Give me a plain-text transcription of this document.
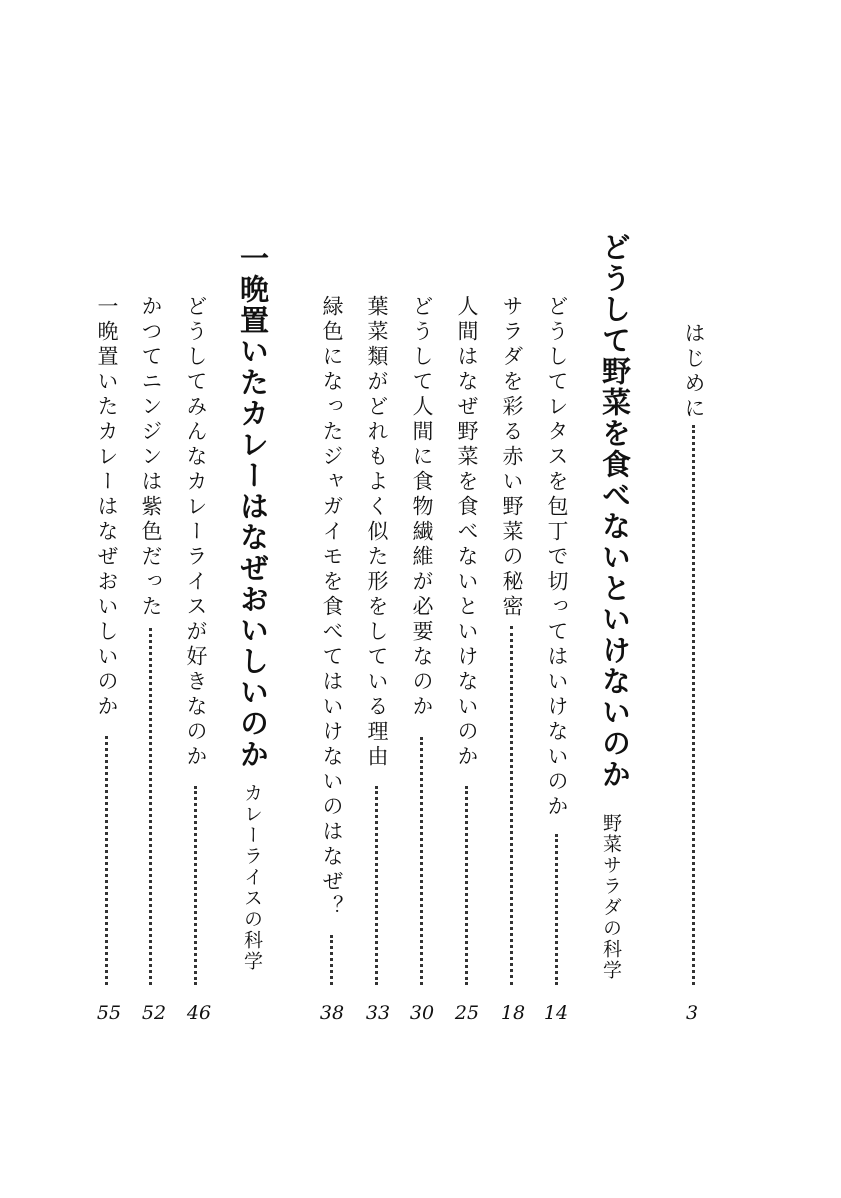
はじめに
3
どうして野菜を食べないといけないのか
野菜サラダの科学
どうしてレタスを包丁で切ってはいけないのか
14
サラダを彩る赤い野菜の秘密
18
人間はなぜ野菜を食べないといけないのか
25
どうして人間に食物繊維が必要なのか
30
葉菜類がどれもよく似た形をしている理由
33
緑色になったジャガイモを食べてはいけないのはなぜ？
38
一晩置いたカレーはなぜおいしいのか
カレーライスの科学
どうしてみんなカレーライスが好きなのか
46
かつてニンジンは紫色だった
52
一晩置いたカレーはなぜおいしいのか
55
